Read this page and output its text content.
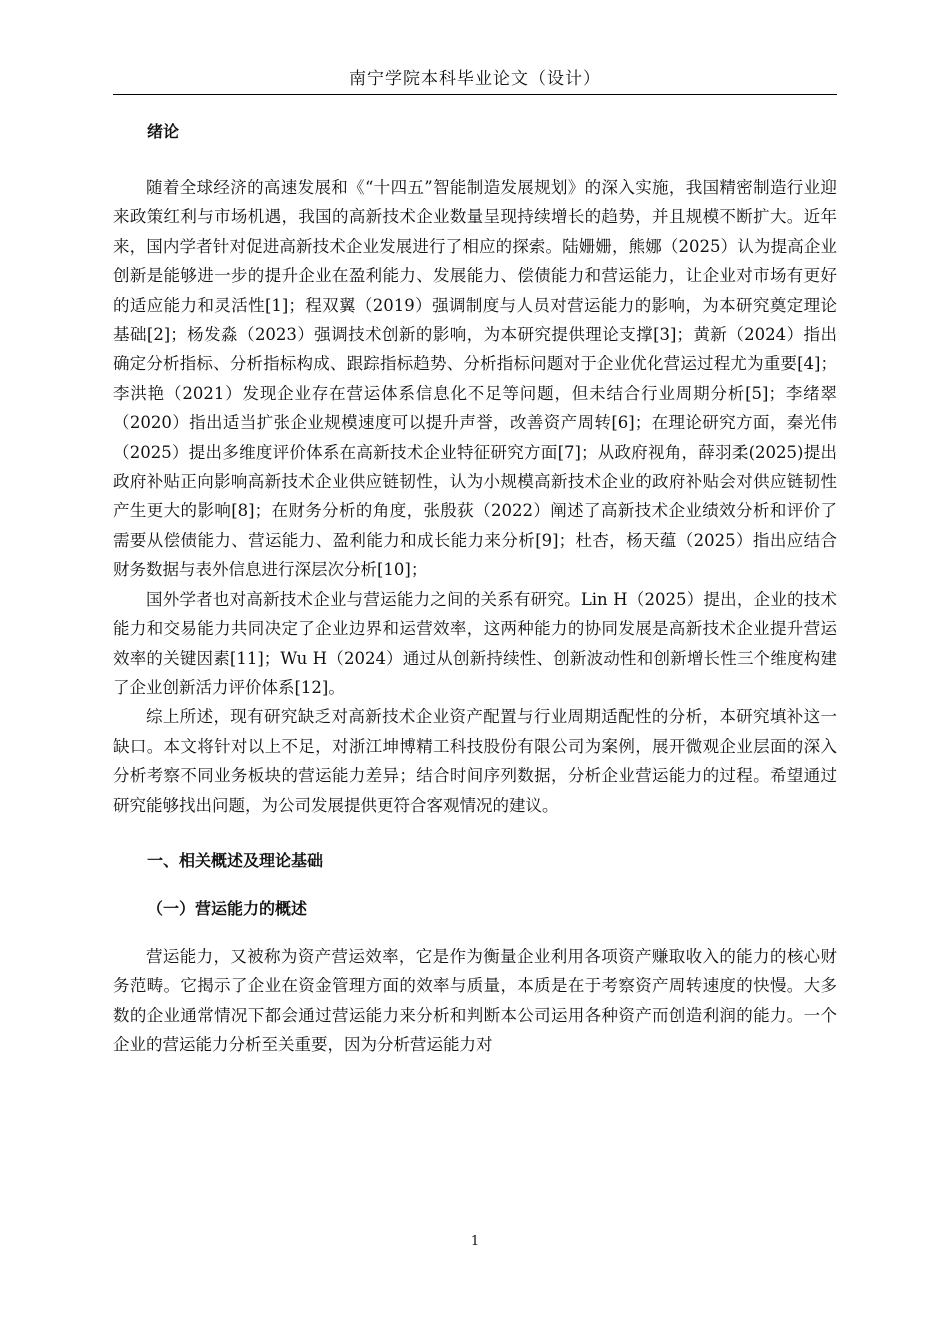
南宁学院本科毕业论文（设计）
绪论

随着全球经济的高速发展和《“十四五”智能制造发展规划》的深入实施，我国精密制造行业迎来政策红利与市场机遇，我国的高新技术企业数量呈现持续增长的趋势，并且规模不断扩大。近年来，国内学者针对促进高新技术企业发展进行了相应的探索。陆姗姗，熊娜（2025）认为提高企业创新是能够进一步的提升企业在盈利能力、发展能力、偿债能力和营运能力，让企业对市场有更好的适应能力和灵活性[1]；程双翼（2019）强调制度与人员对营运能力的影响，为本研究奠定理论基础[2]；杨发淼（2023）强调技术创新的影响，为本研究提供理论支撑[3]；黄新（2024）指出确定分析指标、分析指标构成、跟踪指标趋势、分析指标问题对于企业优化营运过程尤为重要[4]；李洪艳（2021）发现企业存在营运体系信息化不足等问题，但未结合行业周期分析[5]；李绪翠（2020）指出适当扩张企业规模速度可以提升声誉，改善资产周转[6]；在理论研究方面，秦光伟（2025）提出多维度评价体系在高新技术企业特征研究方面[7]；从政府视角，薛羽柔(2025)提出政府补贴正向影响高新技术企业供应链韧性，认为小规模高新技术企业的政府补贴会对供应链韧性产生更大的影响[8]；在财务分析的角度，张殷荻（2022）阐述了高新技术企业绩效分析和评价了需要从偿债能力、营运能力、盈利能力和成长能力来分析[9]；杜杏，杨天蕴（2025）指出应结合财务数据与表外信息进行深层次分析[10]；

国外学者也对高新技术企业与营运能力之间的关系有研究。Lin H（2025）提出，企业的技术能力和交易能力共同决定了企业边界和运营效率，这两种能力的协同发展是高新技术企业提升营运效率的关键因素[11]；Wu H（2024）通过从创新持续性、创新波动性和创新增长性三个维度构建了企业创新活力评价体系[12]。

综上所述，现有研究缺乏对高新技术企业资产配置与行业周期适配性的分析，本研究填补这一缺口。本文将针对以上不足，对浙江坤博精工科技股份有限公司为案例，展开微观企业层面的深入分析考察不同业务板块的营运能力差异；结合时间序列数据，分析企业营运能力的过程。希望通过研究能够找出问题，为公司发展提供更符合客观情况的建议。

一、相关概述及理论基础
（一）营运能力的概述

营运能力，又被称为资产营运效率，它是作为衡量企业利用各项资产赚取收入的能力的核心财务范畴。它揭示了企业在资金管理方面的效率与质量，本质是在于考察资产周转速度的快慢。大多数的企业通常情况下都会通过营运能力来分析和判断本公司运用各种资产而创造利润的能力。一个企业的营运能力分析至关重要，因为分析营运能力对

1
